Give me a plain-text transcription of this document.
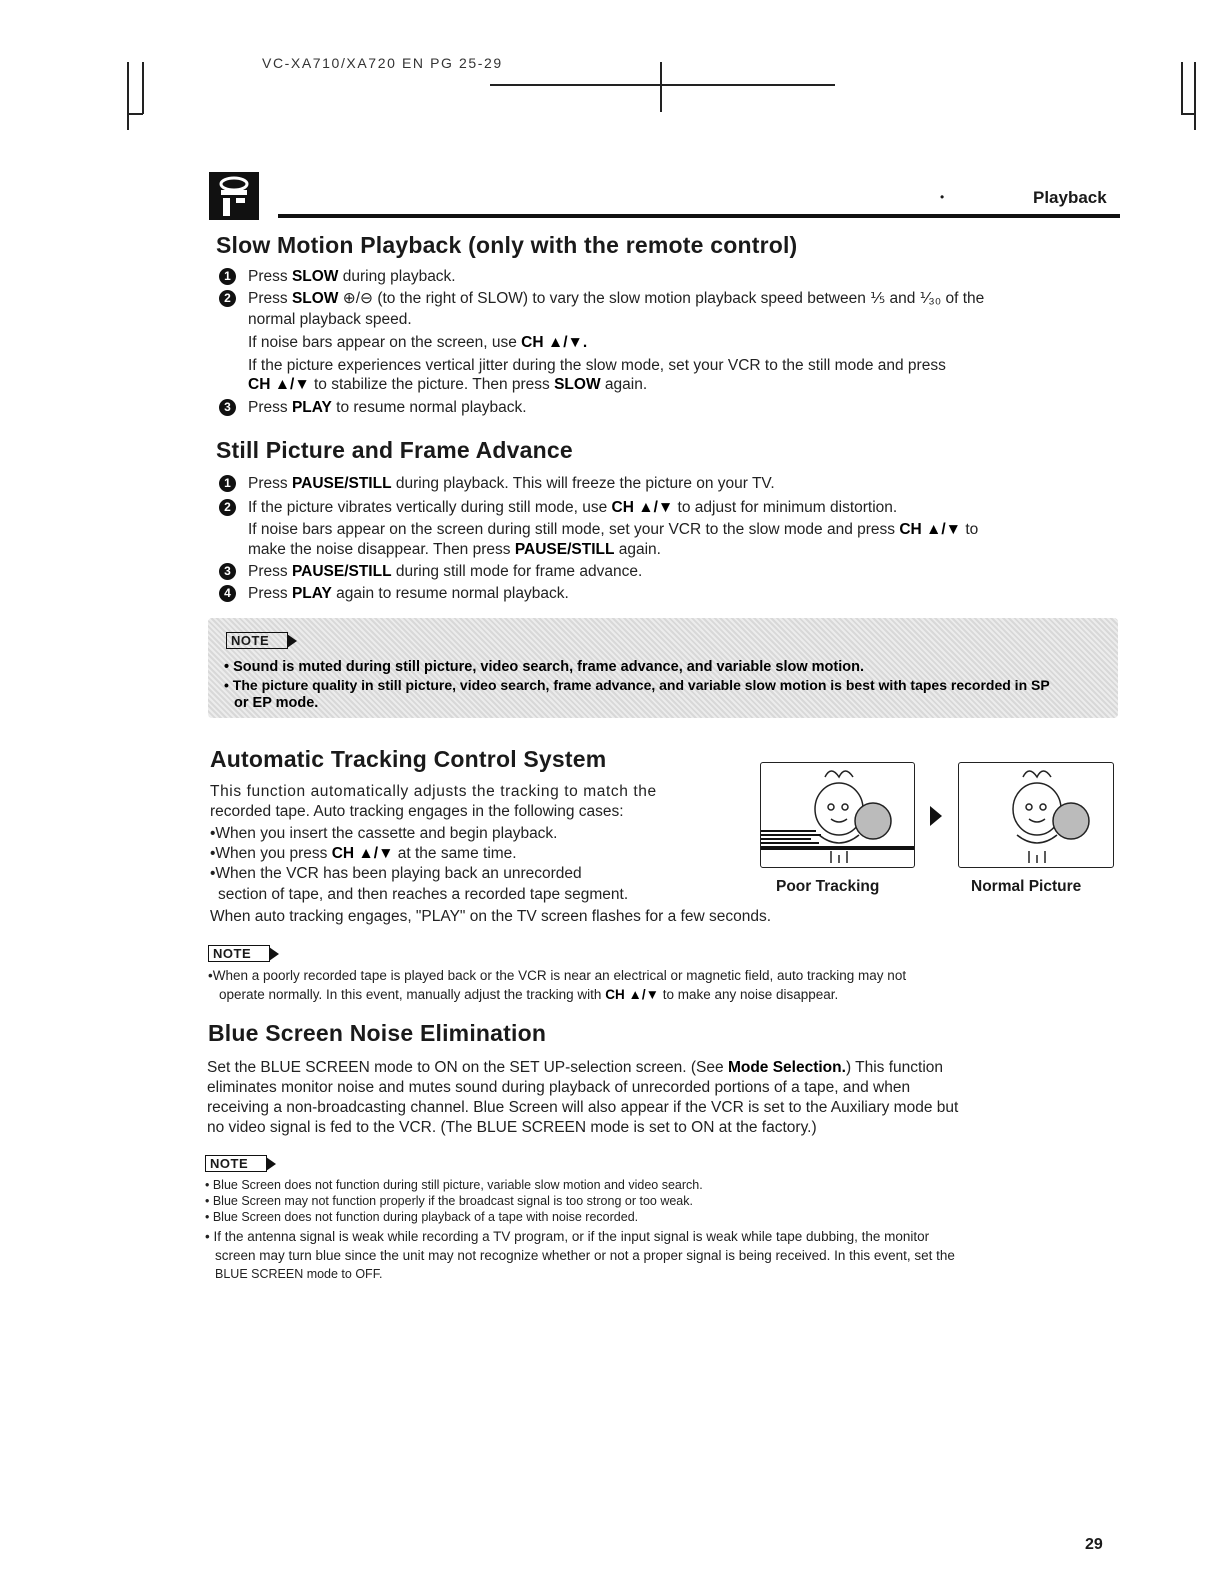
VC-XA710/XA720 EN PG 25-29
•	Playback
Slow Motion Playback (only with the remote control)
1	Press SLOW during playback.
2	Press SLOW ⊕/⊖ (to the right of SLOW) to vary the slow motion playback speed between ⅕ and ⅟₃₀ of the
normal playback speed.
If noise bars appear on the screen, use CH ▲/▼.
If the picture experiences vertical jitter during the slow mode, set your VCR to the still mode and press
CH ▲/▼ to stabilize the picture. Then press SLOW again.
3	Press PLAY to resume normal playback.
Still Picture and Frame Advance
1	Press PAUSE/STILL during playback. This will freeze the picture on your TV.
2	If the picture vibrates vertically during still mode, use CH ▲/▼ to adjust for minimum distortion.
If noise bars appear on the screen during still mode, set your VCR to the slow mode and press CH ▲/▼ to
make the noise disappear. Then press PAUSE/STILL again.
3	Press PAUSE/STILL during still mode for frame advance.
4	Press PLAY again to resume normal playback.
NOTE
• Sound is muted during still picture, video search, frame advance, and variable slow motion.
• The picture quality in still picture, video search, frame advance, and variable slow motion is best with tapes recorded in SP
or EP mode.
Automatic Tracking Control System
This function automatically adjusts the tracking to match the
recorded tape. Auto tracking engages in the following cases:
•When you insert the cassette and begin playback.
•When you press CH ▲/▼ at the same time.
•When the VCR has been playing back an unrecorded
section of tape, and then reaches a recorded tape segment.
When auto tracking engages, "PLAY" on the TV screen flashes for a few seconds.
Poor Tracking	Normal Picture
NOTE
•When a poorly recorded tape is played back or the VCR is near an electrical or magnetic field, auto tracking may not
operate normally. In this event, manually adjust the tracking with CH ▲/▼ to make any noise disappear.
Blue Screen Noise Elimination
Set the BLUE SCREEN mode to ON on the SET UP-selection screen. (See Mode Selection.) This function
eliminates monitor noise and mutes sound during playback of unrecorded portions of a tape, and when
receiving a non-broadcasting channel. Blue Screen will also appear if the VCR is set to the Auxiliary mode but
no video signal is fed to the VCR. (The BLUE SCREEN mode is set to ON at the factory.)
NOTE
• Blue Screen does not function during still picture, variable slow motion and video search.
• Blue Screen may not function properly if the broadcast signal is too strong or too weak.
• Blue Screen does not function during playback of a tape with noise recorded.
• If the antenna signal is weak while recording a TV program, or if the input signal is weak while tape dubbing, the monitor
screen may turn blue since the unit may not recognize whether or not a proper signal is being received. In this event, set the
BLUE SCREEN mode to OFF.
29
